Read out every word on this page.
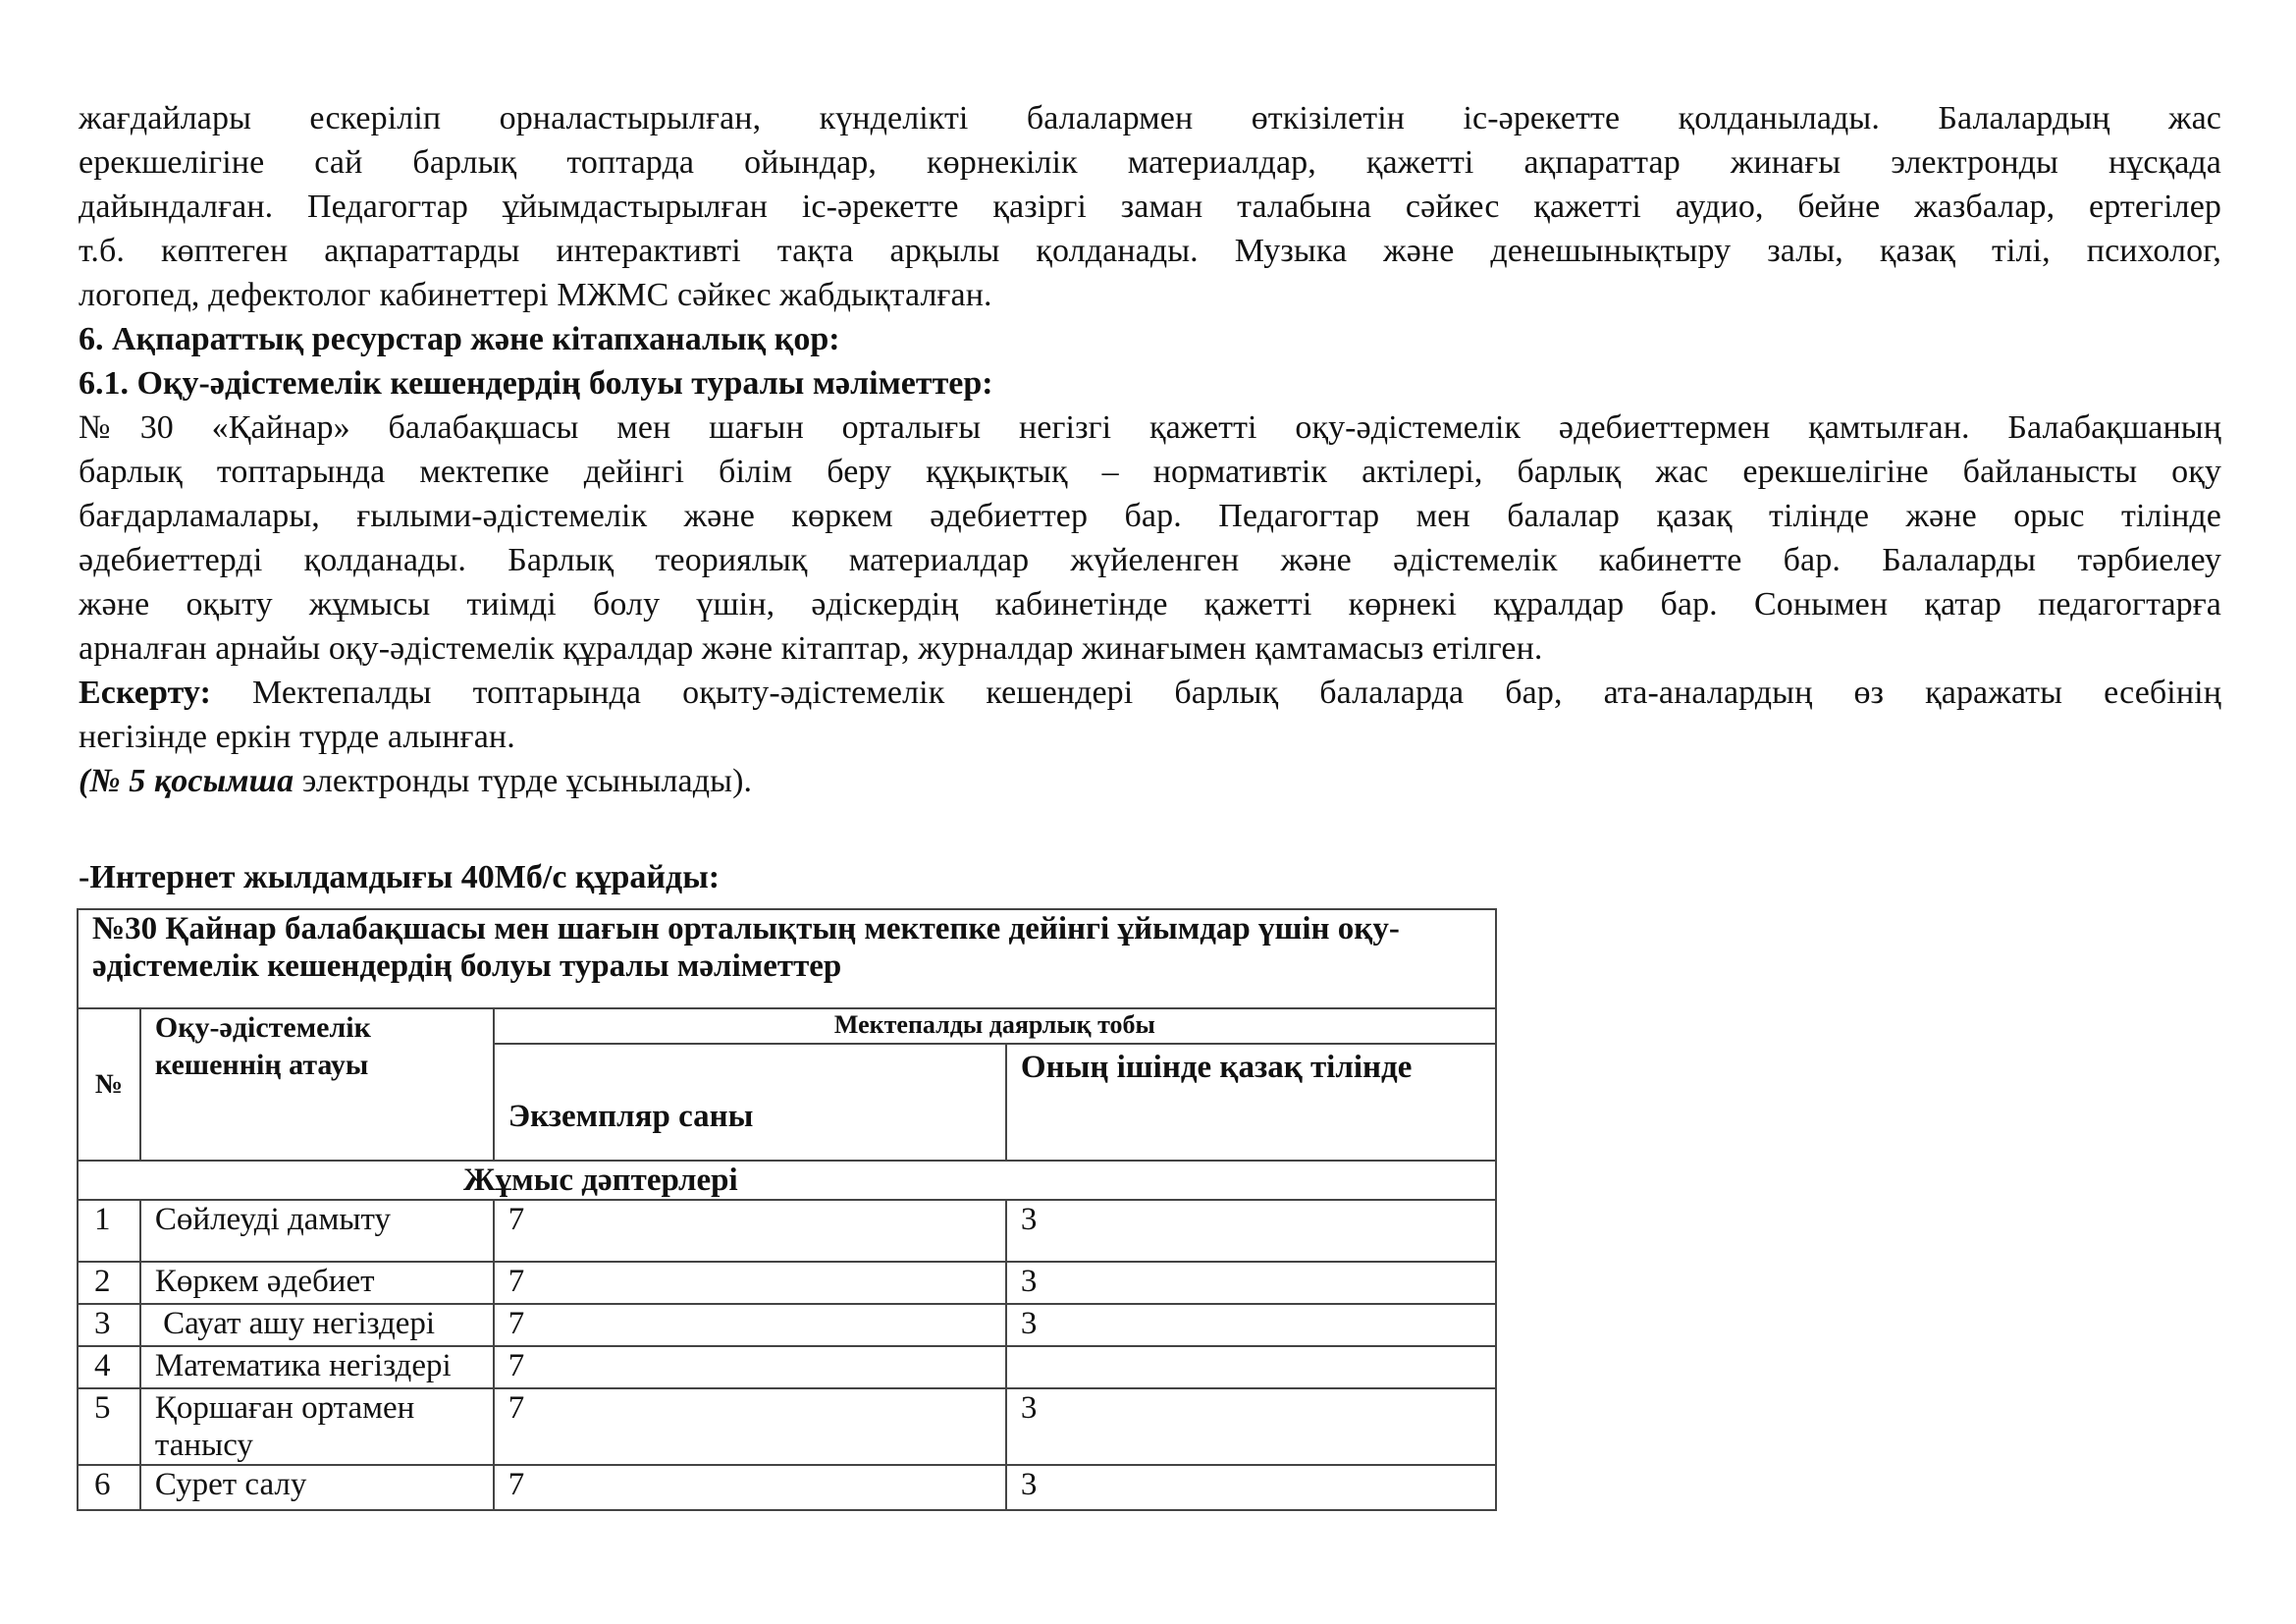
жағдайлары ескеріліп орналастырылған, күнделікті балалармен өткізілетін іс-әрекетте қолданылады. Балалардың жас
ерекшелігіне сай барлық топтарда ойындар, көрнекілік материалдар, қажетті ақпараттар жинағы электронды нұсқада
дайындалған. Педагогтар ұйымдастырылған іс-әрекетте қазіргі заман талабына сәйкес қажетті аудио, бейне жазбалар, ертегілер
т.б. көптеген ақпараттарды интерактивті тақта арқылы қолданады. Музыка және денешынықтыру залы, қазақ тілі, психолог,
логопед, дефектолог кабинеттері МЖМС сәйкес жабдықталған.

6. Ақпараттық ресурстар және кітапханалық қор:

6.1. Оқу-әдістемелік кешендердің болуы туралы мәліметтер:

№30 «Қайнар» балабақшасы мен шағын орталығы негізгі қажетті оқу-әдістемелік әдебиеттермен қамтылған. Балабақшаның
барлық топтарында мектепке дейінгі білім беру құқықтық – нормативтік актілері, барлық жас ерекшелігіне байланысты оқу
бағдарламалары, ғылыми-әдістемелік және көркем әдебиеттер бар. Педагогтар мен балалар қазақ тілінде және орыс тілінде
әдебиеттерді қолданады. Барлық теориялық материалдар жүйеленген және әдістемелік кабинетте бар. Балаларды тәрбиелеу
және оқыту жұмысы тиімді болу үшін, әдіскердің кабинетінде қажетті көрнекі құралдар бар. Сонымен қатар педагогтарға
арналған арнайы оқу-әдістемелік құралдар және кітаптар, журналдар жинағымен қамтамасыз етілген.

Ескерту: Мектепалды топтарында оқыту-әдістемелік кешендері барлық балаларда бар, ата-аналардың өз қаражаты есебінің
негізінде еркін түрде алынған.

(№ 5 қосымша электронды түрде ұсынылады).

-Интернет жылдамдығы 40Мб/с құрайды:

№30 Қайнар балабақшасы мен шағын орталықтың мектепке дейінгі ұйымдар үшін оқу-әдістемелік кешендердің болуы туралы мәліметтер			
№	Оқу-әдістемелік кешеннің атауы	Мектепалды даярлық тобы	
		Экземпляр саны	Оның ішінде қазақ тілінде
Жұмыс дәптерлері			
1	Сөйлеуді дамыту	7	3
2	Көркем әдебиет	7	3
3	Сауат ашу негіздері	7	3
4	Математика негіздері	7	
5	Қоршаған ортамен танысу	7	3
6	Сурет салу	7	3
